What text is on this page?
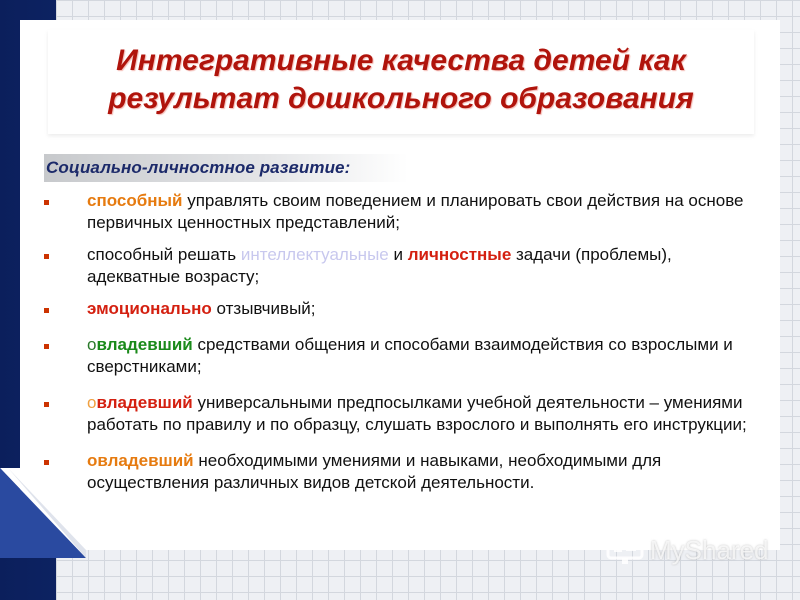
Интегративные качества детей как
результат дошкольного образования

Социально-личностное развитие:

способный управлять своим поведением и планировать свои действия на основе первичных ценностных представлений;
способный решать интеллектуальные и личностные задачи (проблемы), адекватные возрасту;
эмоционально отзывчивый;
овладевший средствами общения и способами взаимодействия со взрослыми и сверстниками;
овладевший универсальными предпосылками учебной деятельности – умениями работать по правилу и по образцу, слушать взрослого и выполнять его инструкции;
овладевший необходимыми умениями и навыками, необходимыми для осуществления различных видов детской деятельности.
MyShared
